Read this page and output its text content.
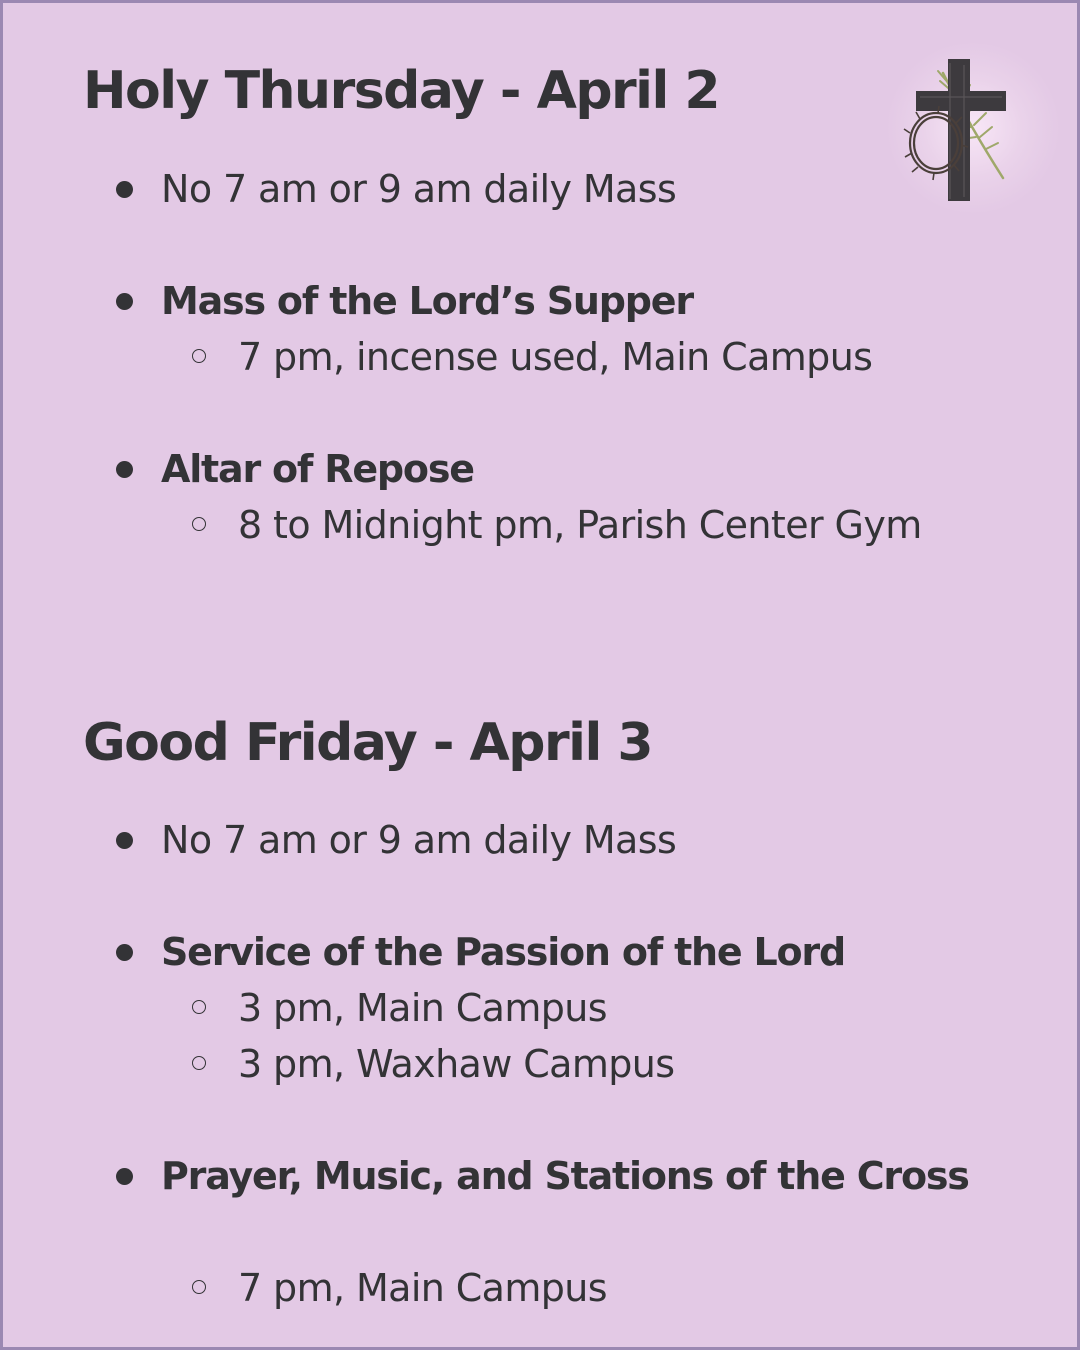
Holy Thursday - April 2
No 7 am or 9 am daily Mass
Mass of the Lord’s Supper
7 pm, incense used, Main Campus
Altar of Repose
8 to Midnight pm, Parish Center Gym
Good Friday - April 3
No 7 am or 9 am daily Mass
Service of the Passion of the Lord
3 pm, Main Campus
3 pm, Waxhaw Campus
Prayer, Music, and Stations of the Cross
7 pm, Main Campus
